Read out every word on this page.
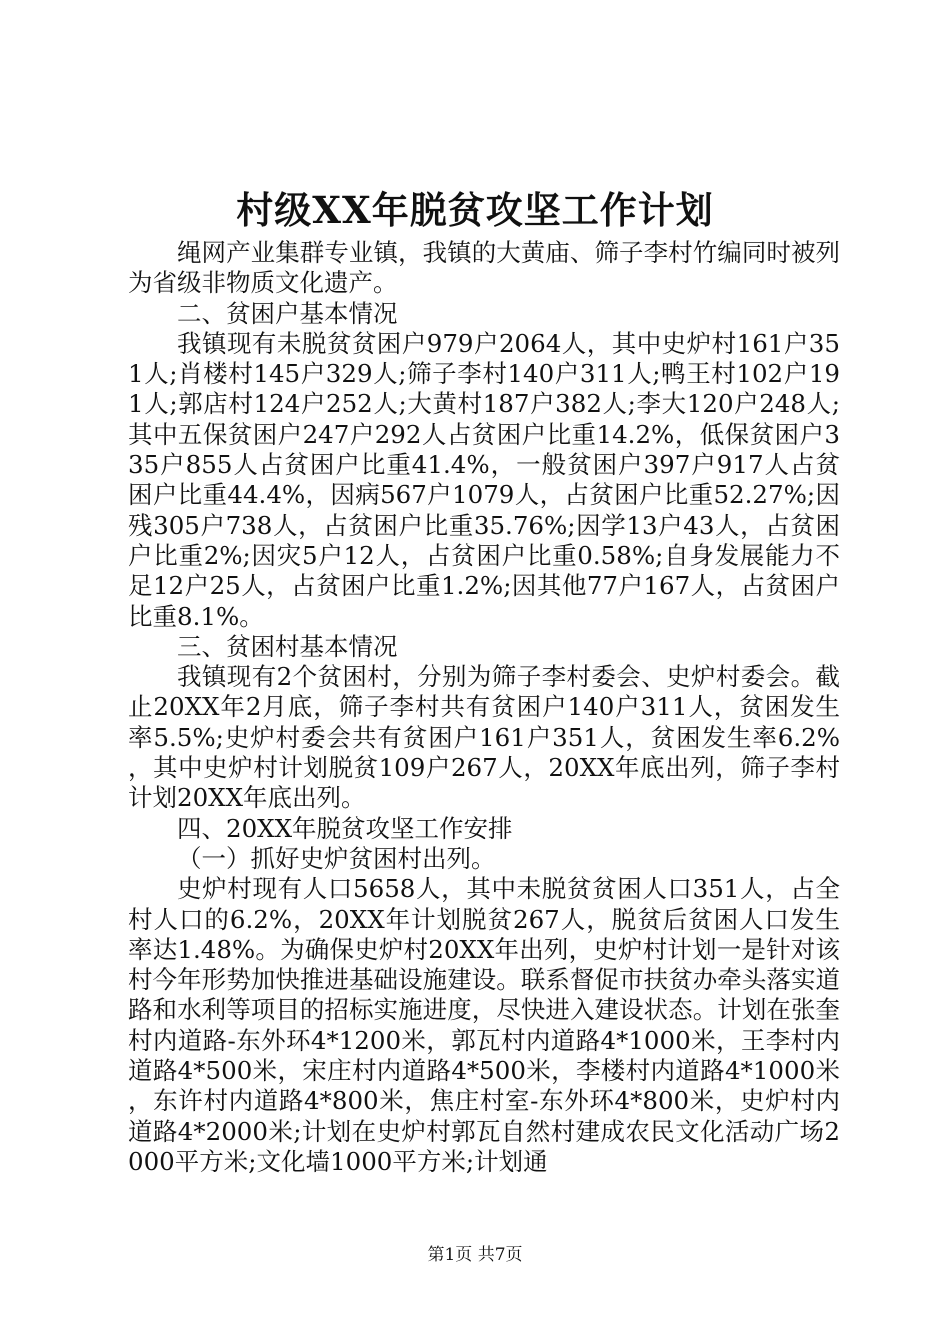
村级XX年脱贫攻坚工作计划

绳网产业集群专业镇，我镇的大黄庙、筛子李村竹编同时被列为省级非物质文化遗产。

二、贫困户基本情况

我镇现有未脱贫贫困户979户2064人，其中史炉村161户351人;肖楼村145户329人;筛子李村140户311人;鸭王村102户191人;郭店村124户252人;大黄村187户382人;李大120户248人;其中五保贫困户247户292人占贫困户比重14.2%，低保贫困户335户855人占贫困户比重41.4%，一般贫困户397户917人占贫困户比重44.4%，因病567户1079人，占贫困户比重52.27%;因残305户738人，占贫困户比重35.76%;因学13户43人，占贫困户比重2%;因灾5户12人，占贫困户比重0.58%;自身发展能力不足12户25人，占贫困户比重1.2%;因其他77户167人，占贫困户比重8.1%。

三、贫困村基本情况

我镇现有2个贫困村，分别为筛子李村委会、史炉村委会。截止20XX年2月底，筛子李村共有贫困户140户311人，贫困发生率5.5%;史炉村委会共有贫困户161户351人，贫困发生率6.2%，其中史炉村计划脱贫109户267人，20XX年底出列，筛子李村计划20XX年底出列。

四、20XX年脱贫攻坚工作安排

（一）抓好史炉贫困村出列。

史炉村现有人口5658人，其中未脱贫贫困人口351人，占全村人口的6.2%，20XX年计划脱贫267人，脱贫后贫困人口发生率达1.48%。为确保史炉村20XX年出列，史炉村计划一是针对该村今年形势加快推进基础设施建设。联系督促市扶贫办牵头落实道路和水利等项目的招标实施进度，尽快进入建设状态。计划在张奎村内道路-东外环4*1200米，郭瓦村内道路4*1000米，王李村内道路4*500米，宋庄村内道路4*500米，李楼村内道路4*1000米，东许村内道路4*800米，焦庄村室-东外环4*800米，史炉村内道路4*2000米;计划在史炉村郭瓦自然村建成农民文化活动广场2000平方米;文化墙1000平方米;计划通

第1页 共7页
